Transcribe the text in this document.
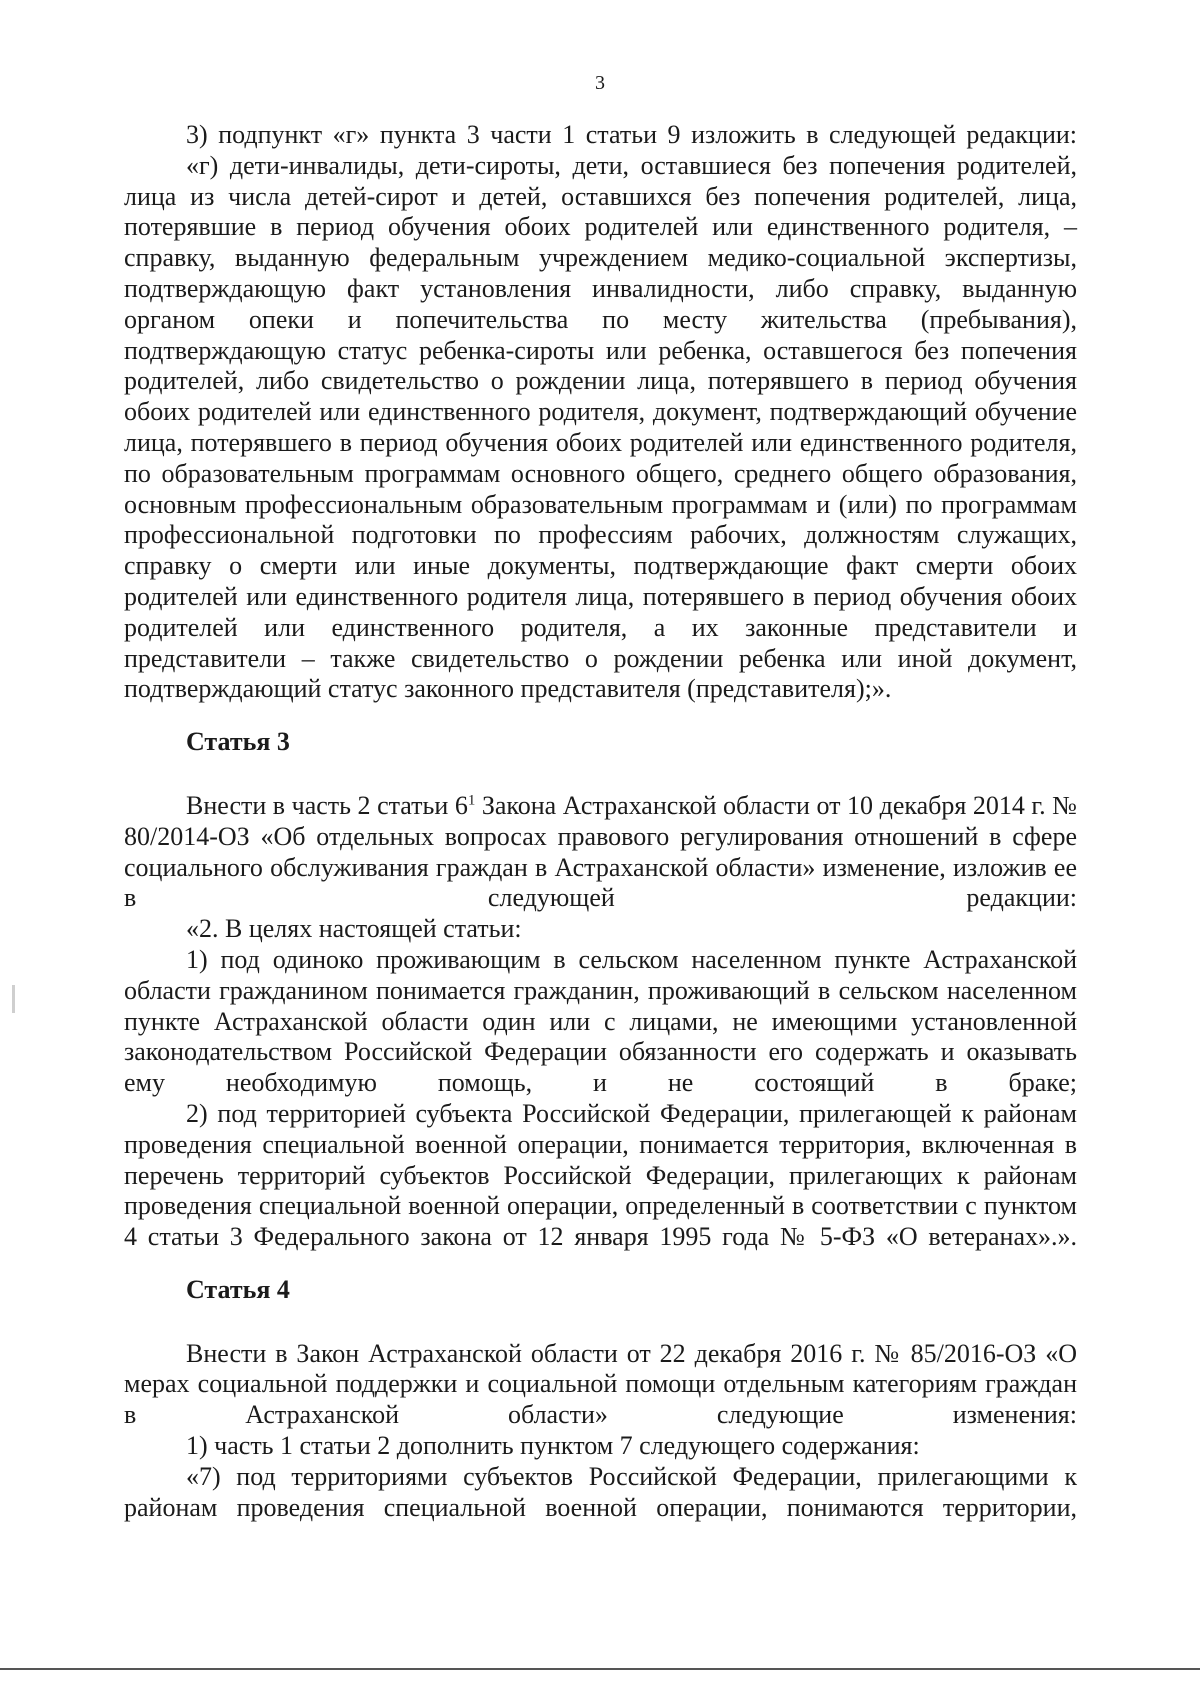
3

3) подпункт «г» пункта 3 части 1 статьи 9 изложить в следующей редакции:

«г) дети-инвалиды, дети-сироты, дети, оставшиеся без попечения родителей, лица из числа детей-сирот и детей, оставшихся без попечения родителей, лица, потерявшие в период обучения обоих родителей или единственного родителя, – справку, выданную федеральным учреждением медико-социальной экспертизы, подтверждающую факт установления инвалидности, либо справку, выданную органом опеки и попечительства по месту жительства (пребывания), подтверждающую статус ребенка-сироты или ребенка, оставшегося без попечения родителей, либо свидетельство о рождении лица, потерявшего в период обучения обоих родителей или единственного родителя, документ, подтверждающий обучение лица, потерявшего в период обучения обоих родителей или единственного родителя, по образовательным программам основного общего, среднего общего образования, основным профессиональным образовательным программам и (или) по программам профессиональной подготовки по профессиям рабочих, должностям служащих, справку о смерти или иные документы, подтверждающие факт смерти обоих родителей или единственного родителя лица, потерявшего в период обучения обоих родителей или единственного родителя, а их законные представители и представители – также свидетельство о рождении ребенка или иной документ, подтверждающий статус законного представителя (представителя);».

Статья 3

Внести в часть 2 статьи $6^1$ Закона Астраханской области от 10 декабря 2014 г. № 80/2014-ОЗ «Об отдельных вопросах правового регулирования отношений в сфере социального обслуживания граждан в Астраханской области» изменение, изложив ее в следующей редакции:

«2. В целях настоящей статьи:

1) под одиноко проживающим в сельском населенном пункте Астраханской области гражданином понимается гражданин, проживающий в сельском населенном пункте Астраханской области один или с лицами, не имеющими установленной законодательством Российской Федерации обязанности его содержать и оказывать ему необходимую помощь, и не состоящий в браке;

2) под территорией субъекта Российской Федерации, прилегающей к районам проведения специальной военной операции, понимается территория, включенная в перечень территорий субъектов Российской Федерации, прилегающих к районам проведения специальной военной операции, определенный в соответствии с пунктом 4 статьи 3 Федерального закона от 12 января 1995 года № 5-ФЗ «О ветеранах».».

Статья 4

Внести в Закон Астраханской области от 22 декабря 2016 г. № 85/2016-ОЗ «О мерах социальной поддержки и социальной помощи отдельным категориям граждан в Астраханской области» следующие изменения:

1) часть 1 статьи 2 дополнить пунктом 7 следующего содержания:

«7) под территориями субъектов Российской Федерации, прилегающими к районам проведения специальной военной операции, понимаются территории,
